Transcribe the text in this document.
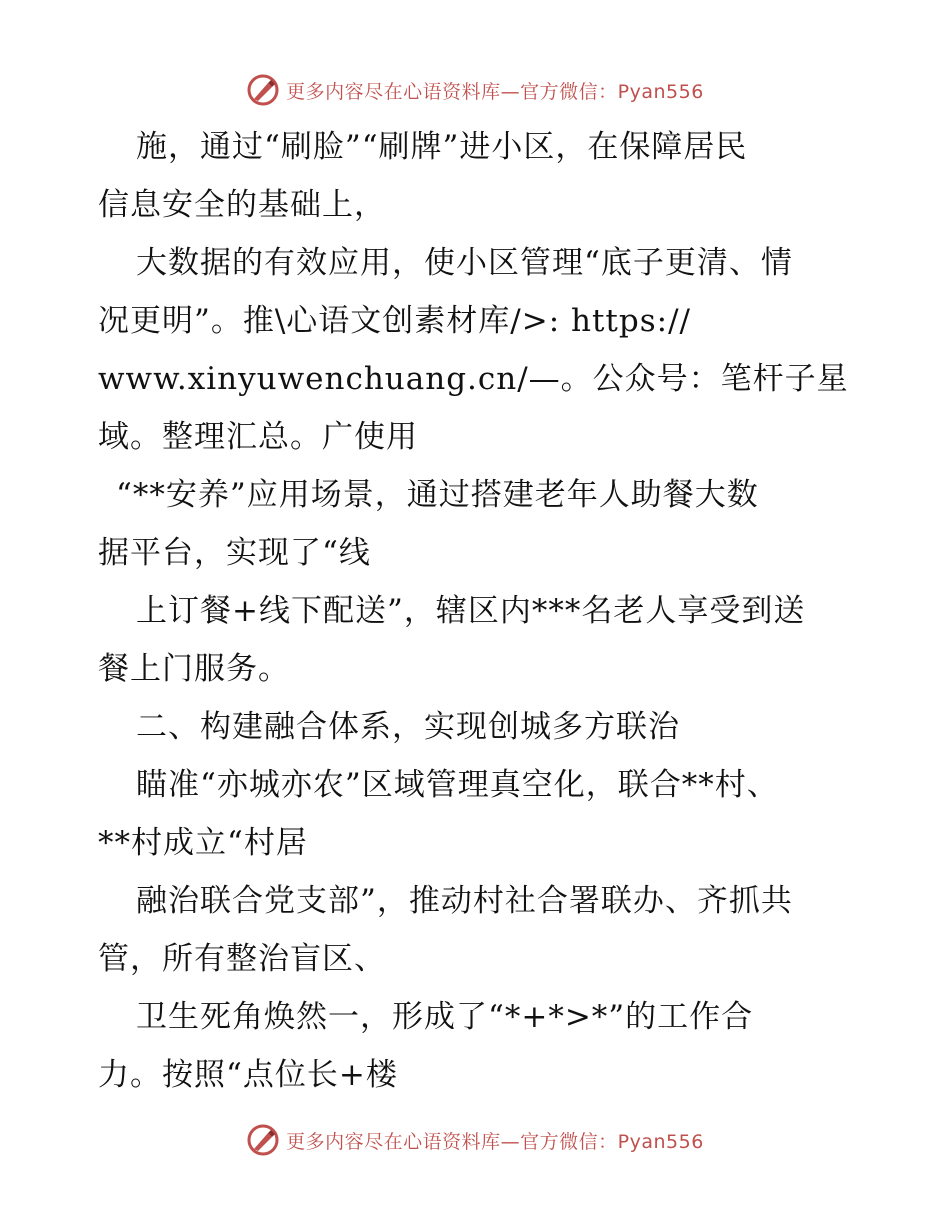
更多内容尽在心语资料库—官方微信：Pyan556
施，通过“刷脸”“刷牌”进小区，在保障居民
信息安全的基础上，
大数据的有效应用，使小区管理“底子更清、情
况更明”。推\心语文创素材库/>: https://
www.xinyuwenchuang.cn/—。公众号：笔杆子星
域。整理汇总。广使用
“**安养”应用场景，通过搭建老年人助餐大数
据平台，实现了“线
上订餐+线下配送”，辖区内***名老人享受到送
餐上门服务。
二、构建融合体系，实现创城多方联治
瞄准“亦城亦农”区域管理真空化，联合**村、
**村成立“村居
融治联合党支部”，推动村社合署联办、齐抓共
管，所有整治盲区、
卫生死角焕然一，形成了“*+*>*”的工作合
力。按照“点位长+楼
更多内容尽在心语资料库—官方微信：Pyan556
